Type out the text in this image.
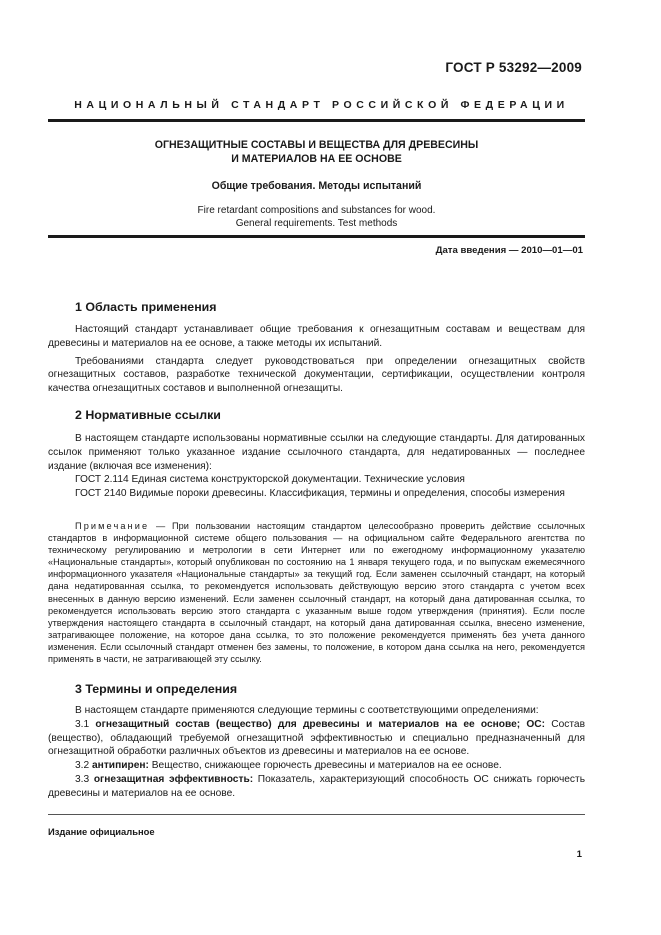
ГОСТ Р 53292—2009
НАЦИОНАЛЬНЫЙ СТАНДАРТ РОССИЙСКОЙ ФЕДЕРАЦИИ
ОГНЕЗАЩИТНЫЕ СОСТАВЫ И ВЕЩЕСТВА ДЛЯ ДРЕВЕСИНЫ
И МАТЕРИАЛОВ НА ЕЕ ОСНОВЕ
Общие требования. Методы испытаний
Fire retardant compositions and substances for wood.
General requirements. Test methods
Дата введения — 2010—01—01
1 Область применения

Настоящий стандарт устанавливает общие требования к огнезащитным составам и веществам для древесины и материалов на ее основе, а также методы их испытаний.

Требованиями стандарта следует руководствоваться при определении огнезащитных свойств огнезащитных составов, разработке технической документации, сертификации, осуществлении контроля качества огнезащитных составов и выполненной огнезащиты.

2 Нормативные ссылки

В настоящем стандарте использованы нормативные ссылки на следующие стандарты. Для датированных ссылок применяют только указанное издание ссылочного стандарта, для недатированных — последнее издание (включая все изменения):

ГОСТ 2.114 Единая система конструкторской документации. Технические условия

ГОСТ 2140 Видимые пороки древесины. Классификация, термины и определения, способы измерения

Примечание — При пользовании настоящим стандартом целесообразно проверить действие ссылочных стандартов в информационной системе общего пользования — на официальном сайте Федерального агентства по техническому регулированию и метрологии в сети Интернет или по ежегодному информационному указателю «Национальные стандарты», который опубликован по состоянию на 1 января текущего года, и по выпускам ежемесячного информационного указателя «Национальные стандарты» за текущий год. Если заменен ссылочный стандарт, на который дана недатированная ссылка, то рекомендуется использовать действующую версию этого стандарта с учетом всех внесенных в данную версию изменений. Если заменен ссылочный стандарт, на который дана датированная ссылка, то рекомендуется использовать версию этого стандарта с указанным выше годом утверждения (принятия). Если после утверждения настоящего стандарта в ссылочный стандарт, на который дана датированная ссылка, внесено изменение, затрагивающее положение, на которое дана ссылка, то это положение рекомендуется применять без учета данного изменения. Если ссылочный стандарт отменен без замены, то положение, в котором дана ссылка на него, рекомендуется применять в части, не затрагивающей эту ссылку.
3 Термины и определения

В настоящем стандарте применяются следующие термины с соответствующими определениями:

3.1 огнезащитный состав (вещество) для древесины и материалов на ее основе; ОС: Состав (вещество), обладающий требуемой огнезащитной эффективностью и специально предназначенный для огнезащитной обработки различных объектов из древесины и материалов на ее основе.

3.2 антипирен: Вещество, снижающее горючесть древесины и материалов на ее основе.

3.3 огнезащитная эффективность: Показатель, характеризующий способность ОС снижать горючесть древесины и материалов на ее основе.

Издание официальное
1
